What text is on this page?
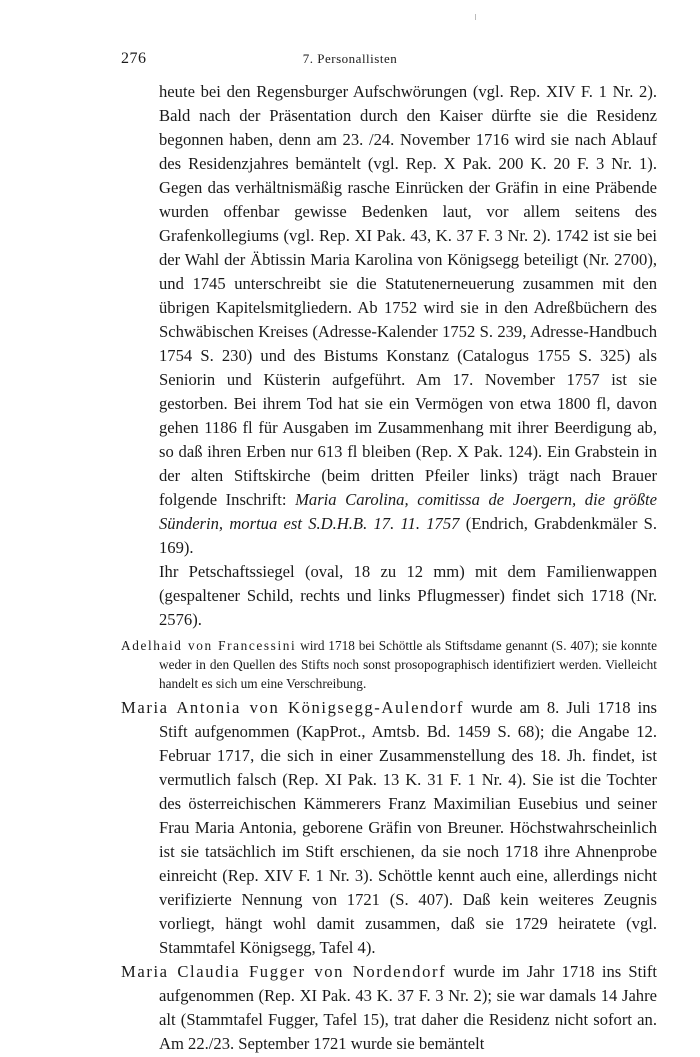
276	7. Personallisten

heute bei den Regensburger Aufschwörungen (vgl. Rep. XIV F. 1 Nr. 2). Bald nach der Präsentation durch den Kaiser dürfte sie die Residenz begonnen haben, denn am 23. /24. November 1716 wird sie nach Ablauf des Residenzjahres bemäntelt (vgl. Rep. X Pak. 200 K. 20 F. 3 Nr. 1). Gegen das verhältnismäßig rasche Einrücken der Gräfin in eine Präbende wurden offenbar gewisse Bedenken laut, vor allem seitens des Grafenkollegiums (vgl. Rep. XI Pak. 43, K. 37 F. 3 Nr. 2). 1742 ist sie bei der Wahl der Äbtissin Maria Karolina von Königsegg beteiligt (Nr. 2700), und 1745 unterschreibt sie die Statutenerneuerung zusammen mit den übrigen Kapitelsmitgliedern. Ab 1752 wird sie in den Adreßbüchern des Schwäbischen Kreises (Adresse-Kalender 1752 S. 239, Adresse-Handbuch 1754 S. 230) und des Bistums Konstanz (Catalogus 1755 S. 325) als Seniorin und Küsterin aufgeführt. Am 17. November 1757 ist sie gestorben. Bei ihrem Tod hat sie ein Vermögen von etwa 1800 fl, davon gehen 1186 fl für Ausgaben im Zusammenhang mit ihrer Beerdigung ab, so daß ihren Erben nur 613 fl bleiben (Rep. X Pak. 124). Ein Grabstein in der alten Stiftskirche (beim dritten Pfeiler links) trägt nach Brauer folgende Inschrift: Maria Carolina, comitissa de Joergern, die größte Sünderin, mortua est S.D.H.B. 17. 11. 1757 (Endrich, Grabdenkmäler S. 169).

Ihr Petschaftssiegel (oval, 18 zu 12 mm) mit dem Familienwappen (gespaltener Schild, rechts und links Pflugmesser) findet sich 1718 (Nr. 2576).

Adelhaid von Francessini wird 1718 bei Schöttle als Stiftsdame genannt (S. 407); sie konnte weder in den Quellen des Stifts noch sonst prosopographisch identifiziert werden. Vielleicht handelt es sich um eine Verschreibung.

Maria Antonia von Königsegg-Aulendorf wurde am 8. Juli 1718 ins Stift aufgenommen (KapProt., Amtsb. Bd. 1459 S. 68); die Angabe 12. Februar 1717, die sich in einer Zusammenstellung des 18. Jh. findet, ist vermutlich falsch (Rep. XI Pak. 13 K. 31 F. 1 Nr. 4). Sie ist die Tochter des österreichischen Kämmerers Franz Maximilian Eusebius und seiner Frau Maria Antonia, geborene Gräfin von Breuner. Höchstwahrscheinlich ist sie tatsächlich im Stift erschienen, da sie noch 1718 ihre Ahnenprobe einreicht (Rep. XIV F. 1 Nr. 3). Schöttle kennt auch eine, allerdings nicht verifizierte Nennung von 1721 (S. 407). Daß kein weiteres Zeugnis vorliegt, hängt wohl damit zusammen, daß sie 1729 heiratete (vgl. Stammtafel Königsegg, Tafel 4).

Maria Claudia Fugger von Nordendorf wurde im Jahr 1718 ins Stift aufgenommen (Rep. XI Pak. 43 K. 37 F. 3 Nr. 2); sie war damals 14 Jahre alt (Stammtafel Fugger, Tafel 15), trat daher die Residenz nicht sofort an. Am 22./23. September 1721 wurde sie bemäntelt
